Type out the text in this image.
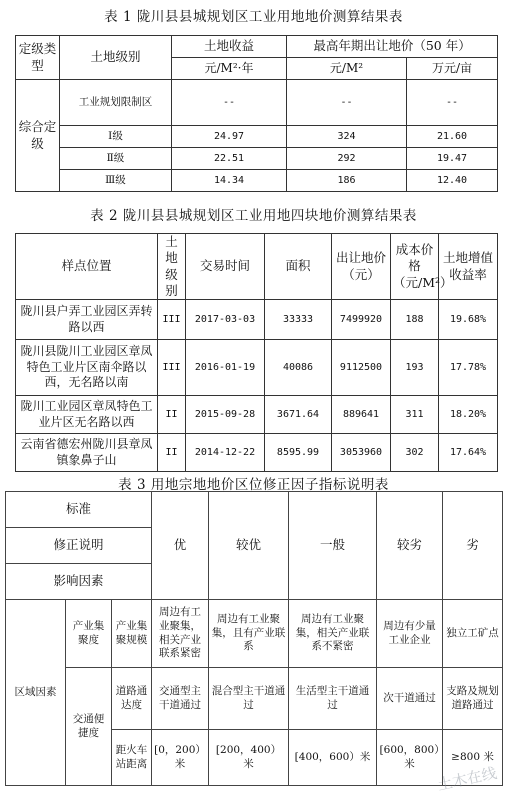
表 1 陇川县县城规划区工业用地地价测算结果表
定级类型	土地级别	土地收益	最高年期出让地价（50 年）	
		元/M²·年	元/M²	万元/亩
综合定级	工业规划限制区	--	--	--
	Ⅰ级	24.97	324	21.60
	Ⅱ级	22.51	292	19.47
	Ⅲ级	14.34	186	12.40
表 2 陇川县县城规划区工业用地四块地价测算结果表
样点位置	土地级别	交易时间	面积	出让地价（元）	成本价格（元/M²）	土地增值收益率
陇川县户弄工业园区弄转路以西	III	2017-03-03	33333	7499920	188	19.68%
陇川县陇川工业园区章凤特色工业片区南伞路以西，无名路以南	III	2016-01-19	40086	9112500	193	17.78%
陇川工业园区章凤特色工业片区无名路以西	II	2015-09-28	3671.64	889641	311	18.20%
云南省德宏州陇川县章凤镇象鼻子山	II	2014-12-22	8595.99	3053960	302	17.64%
表 3 用地宗地地价区位修正因子指标说明表
标准			优	较优	一般	较劣	劣
修正说明							
影响因素							
区域因素	产业集聚度	产业集聚规模	周边有工业聚集，相关产业联系紧密	周边有工业聚集，且有产业联系	周边有工业聚集，相关产业联系不紧密	周边有少量工业企业	独立工矿点
	交通便捷度	道路通达度	交通型主干道通过	混合型主干道通过	生活型主干道通过	次干道通过	支路及规划道路通过
		距火车站距离	[0，200）米	[200，400）米	[400，600）米	[600，800）米	≥800 米
土木在线
